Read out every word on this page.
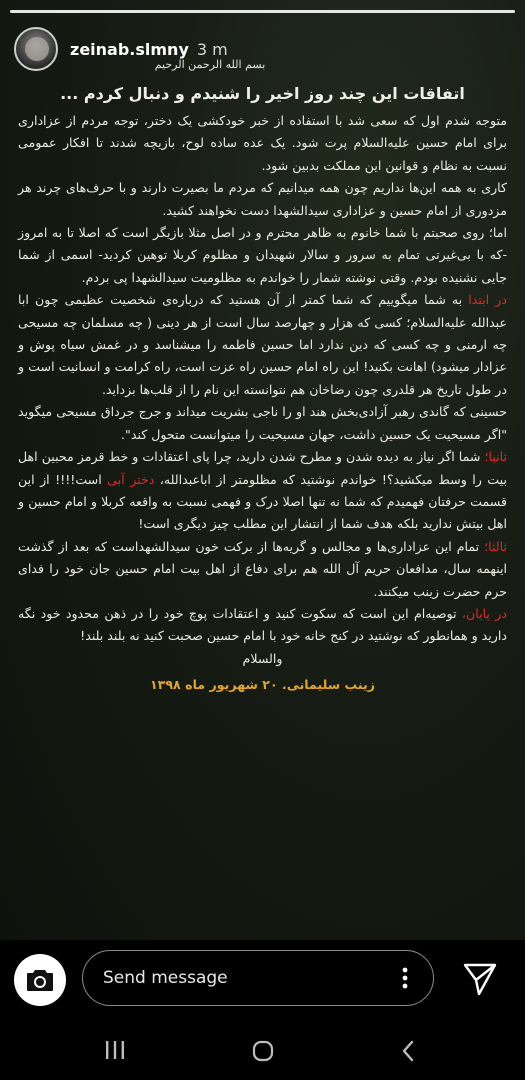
zeinab.slmny 3 m
بسم الله الرحمن الرحیم

اتفاقات این چند روز اخیر را شنیدم و دنبال کردم ...

متوجه شدم اول که سعی شد با استفاده از خبر خودکشی یک دختر، توجه مردم از عزاداری برای امام حسین علیه‌السلام پرت شود. یک عده ساده لوح، بازیچه شدند تا افکار عمومی نسبت به نظام و قوانین این مملکت بدبین شود.

کاری به همه این‌ها نداریم چون همه میدانیم که مردم ما بصیرت دارند و با حرف‌های چرند هر مزدوری از امام حسین و عزاداری سیدالشهدا دست نخواهند کشید.

اما؛ روی صحبتم با شما خانوم به ظاهر محترم و در اصل مثلا بازیگر است که اصلا تا به امروز -که با بی‌غیرتی تمام به سرور و سالار شهیدان و مظلوم کربلا توهین کردید- اسمی از شما جایی نشنیده بودم. وقتی نوشته شمار را خواندم به مظلومیت سیدالشهدا پی بردم.

در ابتدا به شما میگوییم که شما کمتر از آن هستید که درباره‌ی شخصیت عظیمی چون ابا عبدالله علیه‌السلام؛ کسی که هزار و چهارصد سال است از هر دینی ( چه مسلمان چه مسیحی چه ارمنی و چه کسی که دین ندارد اما حسین فاطمه را میشناسد و در غمش سیاه پوش و عزادار میشود) اهانت بکنید! این راه امام حسین راه عزت است، راه کرامت و انسانیت است و در طول تاریخ هر قلدری چون رضاخان هم نتوانسته این نام را از قلب‌ها بزداید.

حسینی که گاندی رهبر آزادی‌بخش هند او را ناجی بشریت میداند و جرج جرداق مسیحی میگوید "اگر مسیحیت یک حسین داشت، جهان مسیحیت را میتوانست متحول کند".

ثانیا؛ شما اگر نیاز به دیده شدن و مطرح شدن دارید، چرا پای اعتقادات و خط قرمز محبین اهل بیت را وسط میکشید؟! خواندم نوشتید که مظلومتر از اباعبدالله، دختر آبی است!!!! از این قسمت حرفتان فهمیدم که شما نه تنها اصلا درک و فهمی نسبت به واقعه کربلا و امام حسین و اهل بیتش ندارید بلکه هدف شما از انتشار این مطلب چیز دیگری است!

ثالثا؛ تمام این عزاداری‌ها و مجالس و گریه‌ها از برکت خون سیدالشهداست که بعد از گذشت اینهمه سال، مدافعان حریم آل الله هم برای دفاع از اهل بیت امام حسین جان خود را فدای حرم حضرت زینب میکنند.

در پایان، توصیه‌ام این است که سکوت کنید و اعتقادات پوچ خود را در ذهن محدود خود نگه دارید و همانطور که نوشتید در کنج خانه خود با امام حسین صحبت کنید نه بلند بلند!

والسلام

زینب سلیمانی. ۲۰ شهریور ماه ۱۳۹۸

Send message
